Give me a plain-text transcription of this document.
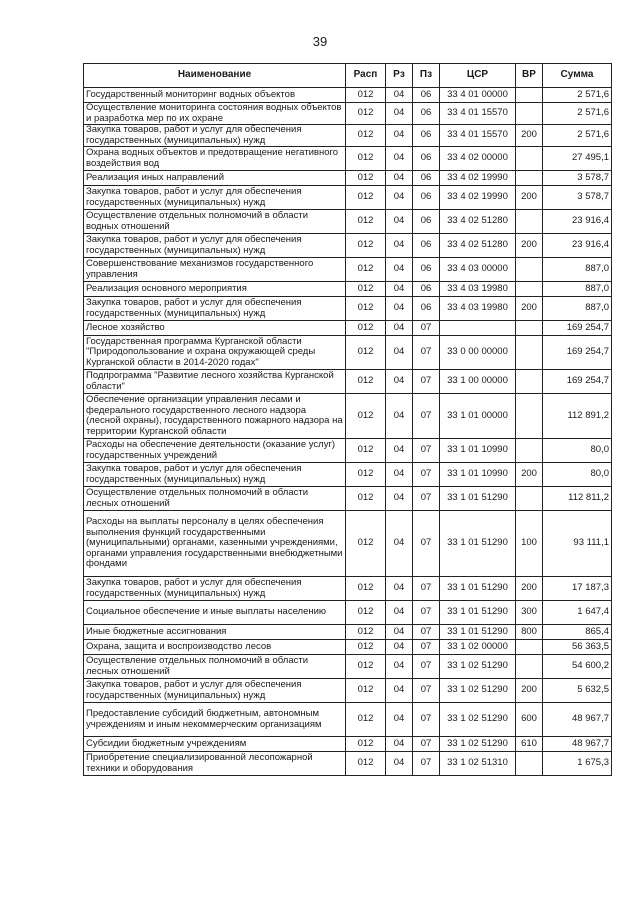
39
Наименование	Расп	Рз	Пз	ЦСР	ВР	Сумма
Государственный мониторинг водных объектов	012	04	06	33 4 01 00000		2 571,6
Осуществление мониторинга состояния водных объектов и разработка мер по их охране	012	04	06	33 4 01 15570		2 571,6
Закупка товаров, работ и услуг для обеспечения государственных (муниципальных) нужд	012	04	06	33 4 01 15570	200	2 571,6
Охрана водных объектов и предотвращение негативного воздействия вод	012	04	06	33 4 02 00000		27 495,1
Реализация иных направлений	012	04	06	33 4 02 19990		3 578,7
Закупка товаров, работ и услуг для обеспечения государственных (муниципальных) нужд	012	04	06	33 4 02 19990	200	3 578,7
Осуществление отдельных полномочий в области водных отношений	012	04	06	33 4 02 51280		23 916,4
Закупка товаров, работ и услуг для обеспечения государственных (муниципальных) нужд	012	04	06	33 4 02 51280	200	23 916,4
Совершенствование механизмов государственного управления	012	04	06	33 4 03 00000		887,0
Реализация основного мероприятия	012	04	06	33 4 03 19980		887,0
Закупка товаров, работ и услуг для обеспечения государственных (муниципальных) нужд	012	04	06	33 4 03 19980	200	887,0
Лесное хозяйство	012	04	07			169 254,7
Государственная программа Курганской области "Природопользование и охрана окружающей среды Курганской области в 2014-2020 годах"	012	04	07	33 0 00 00000		169 254,7
Подпрограмма "Развитие лесного хозяйства Курганской области"	012	04	07	33 1 00 00000		169 254,7
Обеспечение организации управления лесами и федерального государственного лесного надзора (лесной охраны), государственного пожарного надзора на территории Курганской области	012	04	07	33 1 01 00000		112 891,2
Расходы на обеспечение деятельности (оказание услуг) государственных учреждений	012	04	07	33 1 01 10990		80,0
Закупка товаров, работ и услуг для обеспечения государственных (муниципальных) нужд	012	04	07	33 1 01 10990	200	80,0
Осуществление отдельных полномочий в области лесных отношений	012	04	07	33 1 01 51290		112 811,2
Расходы на выплаты персоналу в целях обеспечения выполнения функций государственными (муниципальными) органами, казенными учреждениями, органами управления государственными внебюджетными фондами	012	04	07	33 1 01 51290	100	93 111,1
Закупка товаров, работ и услуг для обеспечения государственных (муниципальных) нужд	012	04	07	33 1 01 51290	200	17 187,3
Социальное обеспечение и иные выплаты населению	012	04	07	33 1 01 51290	300	1 647,4
Иные бюджетные ассигнования	012	04	07	33 1 01 51290	800	865,4
Охрана, защита и воспроизводство лесов	012	04	07	33 1 02 00000		56 363,5
Осуществление отдельных полномочий в области лесных отношений	012	04	07	33 1 02 51290		54 600,2
Закупка товаров, работ и услуг для обеспечения государственных (муниципальных) нужд	012	04	07	33 1 02 51290	200	5 632,5
Предоставление субсидий бюджетным, автономным учреждениям и иным некоммерческим организациям	012	04	07	33 1 02 51290	600	48 967,7
Субсидии бюджетным учреждениям	012	04	07	33 1 02 51290	610	48 967,7
Приобретение специализированной лесопожарной техники и оборудования	012	04	07	33 1 02 51310		1 675,3
